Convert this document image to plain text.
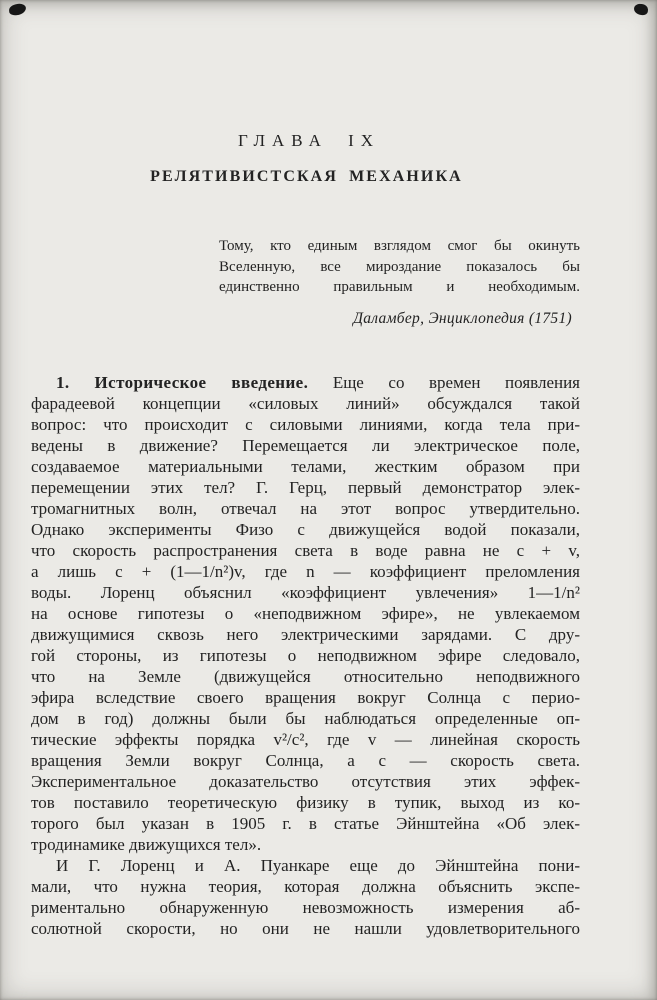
ГЛАВА IX
РЕЛЯТИВИСТСКАЯ МЕХАНИКА
Тому, кто единым взглядом смог бы окинуть
Вселенную, все мироздание показалось бы
единственно правильным и необходимым.
Даламбер, Энциклопедия (1751)
1. Историческое введение. Еще со времен появления
фарадеевой концепции «силовых линий» обсуждался такой
вопрос: что происходит с силовыми линиями, когда тела при-
ведены в движение? Перемещается ли электрическое поле,
создаваемое материальными телами, жестким образом при
перемещении этих тел? Г. Герц, первый демонстратор элек-
тромагнитных волн, отвечал на этот вопрос утвердительно.
Однако эксперименты Физо с движущейся водой показали,
что скорость распространения света в воде равна не c + v,
а лишь c + (1—1/n²)v, где n — коэффициент преломления
воды. Лоренц объяснил «коэффициент увлечения» 1—1/n²
на основе гипотезы о «неподвижном эфире», не увлекаемом
движущимися сквозь него электрическими зарядами. С дру-
гой стороны, из гипотезы о неподвижном эфире следовало,
что на Земле (движущейся относительно неподвижного
эфира вследствие своего вращения вокруг Солнца с перио-
дом в год) должны были бы наблюдаться определенные оп-
тические эффекты порядка v²/c², где v — линейная скорость
вращения Земли вокруг Солнца, а c — скорость света.
Экспериментальное доказательство отсутствия этих эффек-
тов поставило теоретическую физику в тупик, выход из ко-
торого был указан в 1905 г. в статье Эйнштейна «Об элек-
тродинамике движущихся тел».
И Г. Лоренц и А. Пуанкаре еще до Эйнштейна пони-
мали, что нужна теория, которая должна объяснить экспе-
риментально обнаруженную невозможность измерения аб-
солютной скорости, но они не нашли удовлетворительного
